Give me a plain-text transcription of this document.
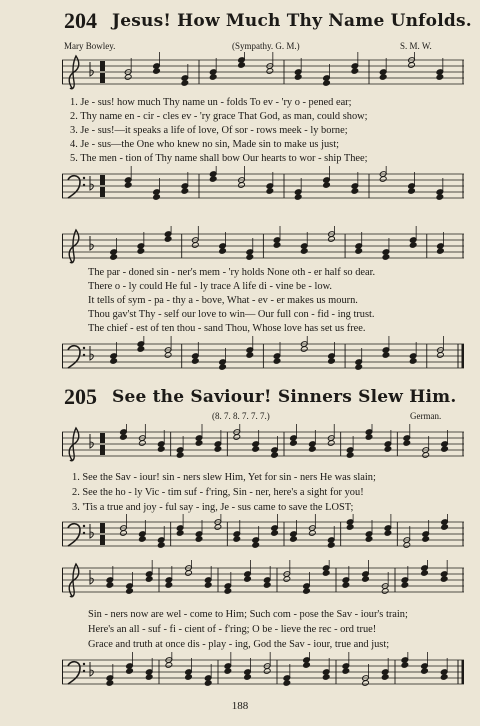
204 Jesus! How Much Thy Name Unfolds.
Mary Bowley.	(Sympathy. G. M.)	S. M. W.
1. Je - sus! how much Thy name un - folds To ev - 'ry o - pened ear;
2. Thy name en - cir - cles ev - 'ry grace That God, as man, could show;
3. Je - sus!—it speaks a life of love, Of sor - rows meek - ly borne;
4. Je - sus—the One who knew no sin, Made sin to make us just;
5. The men - tion of Thy name shall bow Our hearts to wor - ship Thee;
The par - doned sin - ner's mem - 'ry holds None oth - er half so dear.
There o - ly could He ful - ly trace A life di - vine be - low.
It tells of sym - pa - thy a - bove, What - ev - er makes us mourn.
Thou gav'st Thy - self our love to win— Our full con - fid - ing trust.
The chief - est of ten thou - sand Thou, Whose love has set us free.
205 See the Saviour! Sinners Slew Him.
(8. 7. 8. 7. 7. 7.)	German.
1. See the Sav - iour! sin - ners slew Him, Yet for sin - ners He was slain;
2. See the ho - ly Vic - tim suf - f'ring, Sin - ner, here's a sight for you!
3. 'Tis a true and joy - ful say - ing, Je - sus came to save the LOST;
Sin - ners now are wel - come to Him; Such com - pose the Sav - iour's train;
Here's an all - suf - fi - cient of - f'ring; O be - lieve the rec - ord true!
Grace and truth at once dis - play - ing, God the Sav - iour, true and just;
188
